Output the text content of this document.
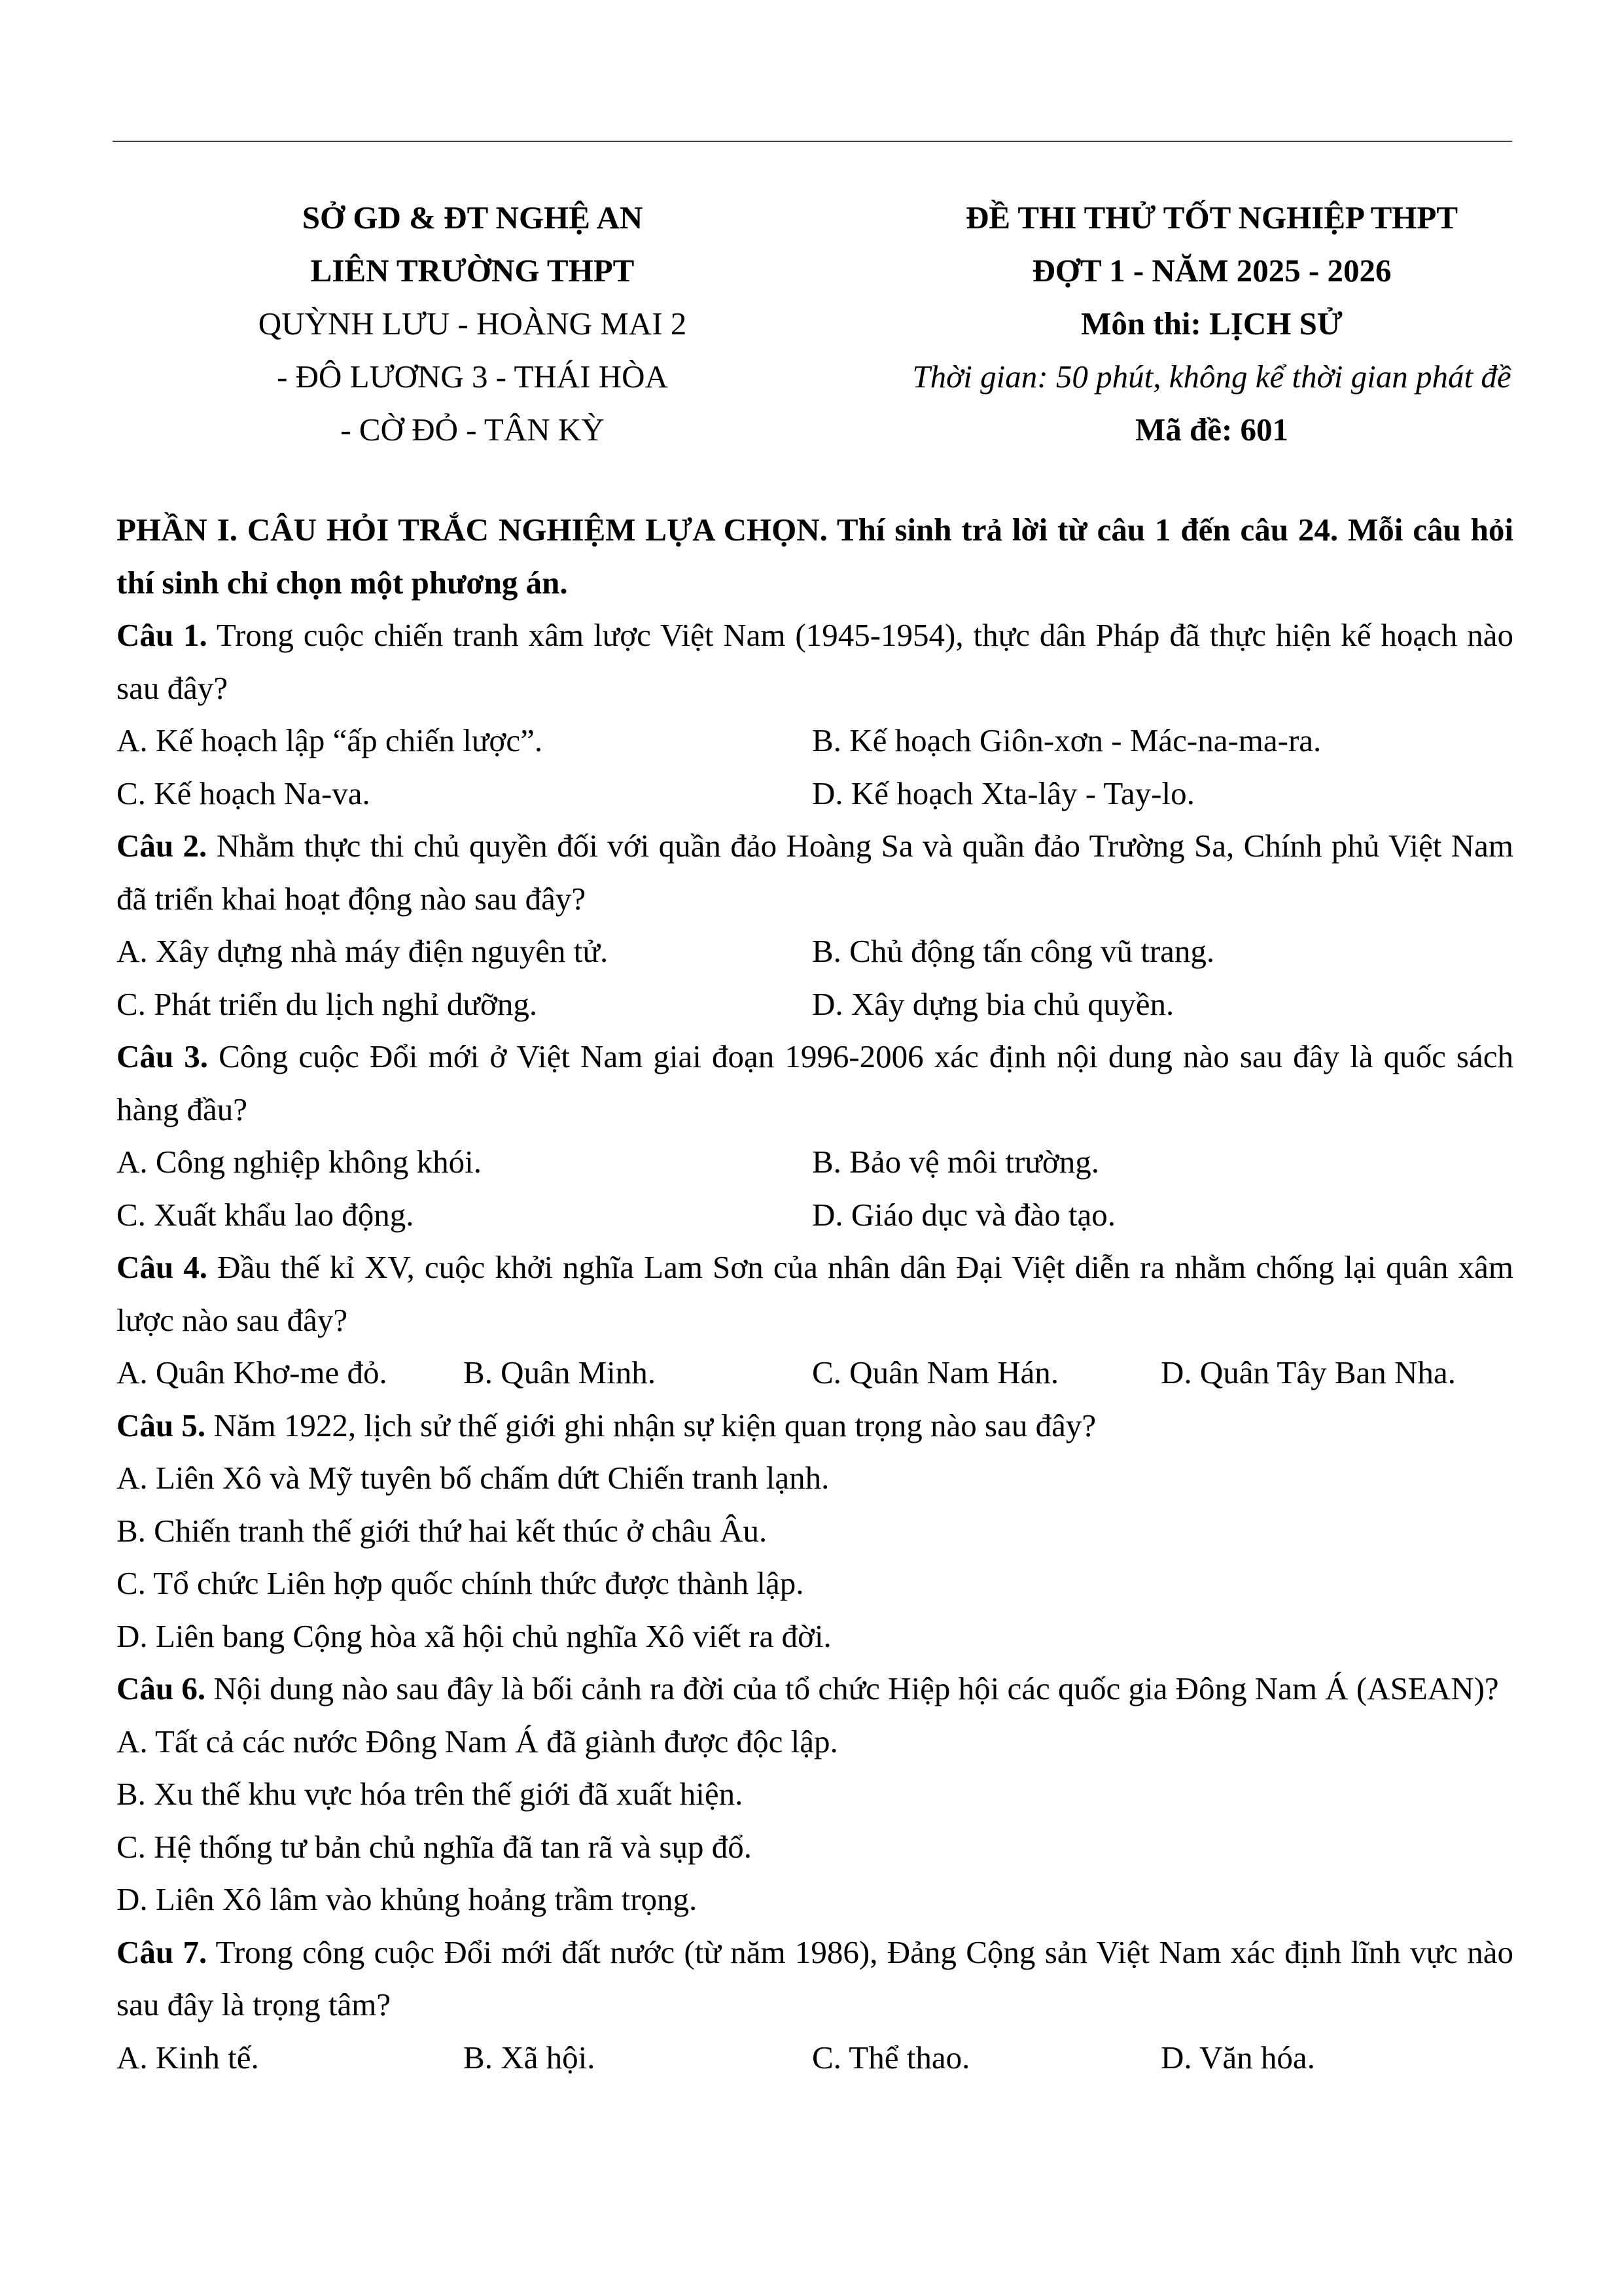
SỞ GD & ĐT NGHỆ AN
LIÊN TRƯỜNG THPT
QUỲNH LƯU - HOÀNG MAI 2
- ĐÔ LƯƠNG 3 - THÁI HÒA
- CỜ ĐỎ - TÂN KỲ
ĐỀ THI THỬ TỐT NGHIỆP THPT
ĐỢT 1 - NĂM 2025 - 2026
Môn thi: LỊCH SỬ
Thời gian: 50 phút, không kể thời gian phát đề
Mã đề: 601

PHẦN I. CÂU HỎI TRẮC NGHIỆM LỰA CHỌN. Thí sinh trả lời từ câu 1 đến câu 24. Mỗi câu hỏi thí sinh chỉ chọn một phương án.

Câu 1. Trong cuộc chiến tranh xâm lược Việt Nam (1945-1954), thực dân Pháp đã thực hiện kế hoạch nào sau đây?

A. Kế hoạch lập “ấp chiến lược”.	B. Kế hoạch Giôn-xơn - Mác-na-ma-ra.
C. Kế hoạch Na-va.	D. Kế hoạch Xta-lây - Tay-lo.

Câu 2. Nhằm thực thi chủ quyền đối với quần đảo Hoàng Sa và quần đảo Trường Sa, Chính phủ Việt Nam đã triển khai hoạt động nào sau đây?

A. Xây dựng nhà máy điện nguyên tử.	B. Chủ động tấn công vũ trang.
C. Phát triển du lịch nghỉ dưỡng.	D. Xây dựng bia chủ quyền.

Câu 3. Công cuộc Đổi mới ở Việt Nam giai đoạn 1996-2006 xác định nội dung nào sau đây là quốc sách hàng đầu?

A. Công nghiệp không khói.	B. Bảo vệ môi trường.
C. Xuất khẩu lao động.	D. Giáo dục và đào tạo.

Câu 4. Đầu thế kỉ XV, cuộc khởi nghĩa Lam Sơn của nhân dân Đại Việt diễn ra nhằm chống lại quân xâm lược nào sau đây?

A. Quân Khơ-me đỏ. B. Quân Minh.	C. Quân Nam Hán.	D. Quân Tây Ban Nha.

Câu 5. Năm 1922, lịch sử thế giới ghi nhận sự kiện quan trọng nào sau đây?

A. Liên Xô và Mỹ tuyên bố chấm dứt Chiến tranh lạnh.
B. Chiến tranh thế giới thứ hai kết thúc ở châu Âu.
C. Tổ chức Liên hợp quốc chính thức được thành lập.
D. Liên bang Cộng hòa xã hội chủ nghĩa Xô viết ra đời.

Câu 6. Nội dung nào sau đây là bối cảnh ra đời của tổ chức Hiệp hội các quốc gia Đông Nam Á (ASEAN)?

A. Tất cả các nước Đông Nam Á đã giành được độc lập.
B. Xu thế khu vực hóa trên thế giới đã xuất hiện.
C. Hệ thống tư bản chủ nghĩa đã tan rã và sụp đổ.
D. Liên Xô lâm vào khủng hoảng trầm trọng.

Câu 7. Trong công cuộc Đổi mới đất nước (từ năm 1986), Đảng Cộng sản Việt Nam xác định lĩnh vực nào sau đây là trọng tâm?

A. Kinh tế.	B. Xã hội.	C. Thể thao.	D. Văn hóa.
